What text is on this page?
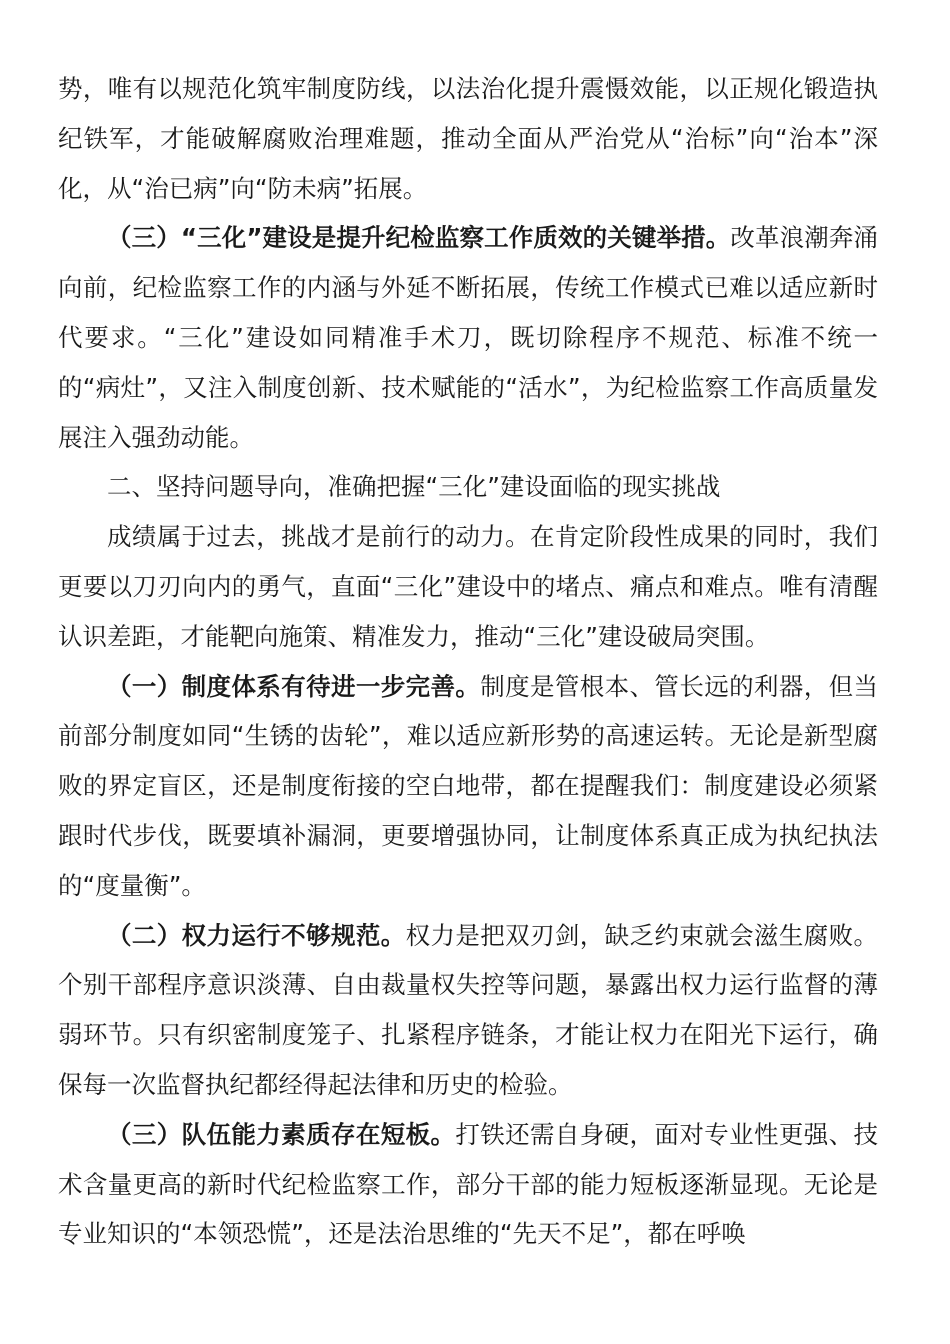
势，唯有以规范化筑牢制度防线，以法治化提升震慑效能，以正规化锻造执纪铁军，才能破解腐败治理难题，推动全面从严治党从“治标”向“治本”深化，从“治已病”向“防未病”拓展。

（三）“三化”建设是提升纪检监察工作质效的关键举措。改革浪潮奔涌向前，纪检监察工作的内涵与外延不断拓展，传统工作模式已难以适应新时代要求。“三化”建设如同精准手术刀，既切除程序不规范、标准不统一的“病灶”，又注入制度创新、技术赋能的“活水”，为纪检监察工作高质量发展注入强劲动能。

二、坚持问题导向，准确把握“三化”建设面临的现实挑战

成绩属于过去，挑战才是前行的动力。在肯定阶段性成果的同时，我们更要以刀刃向内的勇气，直面“三化”建设中的堵点、痛点和难点。唯有清醒认识差距，才能靶向施策、精准发力，推动“三化”建设破局突围。

（一）制度体系有待进一步完善。制度是管根本、管长远的利器，但当前部分制度如同“生锈的齿轮”，难以适应新形势的高速运转。无论是新型腐败的界定盲区，还是制度衔接的空白地带，都在提醒我们：制度建设必须紧跟时代步伐，既要填补漏洞，更要增强协同，让制度体系真正成为执纪执法的“度量衡”。

（二）权力运行不够规范。权力是把双刃剑，缺乏约束就会滋生腐败。个别干部程序意识淡薄、自由裁量权失控等问题，暴露出权力运行监督的薄弱环节。只有织密制度笼子、扎紧程序链条，才能让权力在阳光下运行，确保每一次监督执纪都经得起法律和历史的检验。

（三）队伍能力素质存在短板。打铁还需自身硬，面对专业性更强、技术含量更高的新时代纪检监察工作，部分干部的能力短板逐渐显现。无论是专业知识的“本领恐慌”，还是法治思维的“先天不足”，都在呼唤
